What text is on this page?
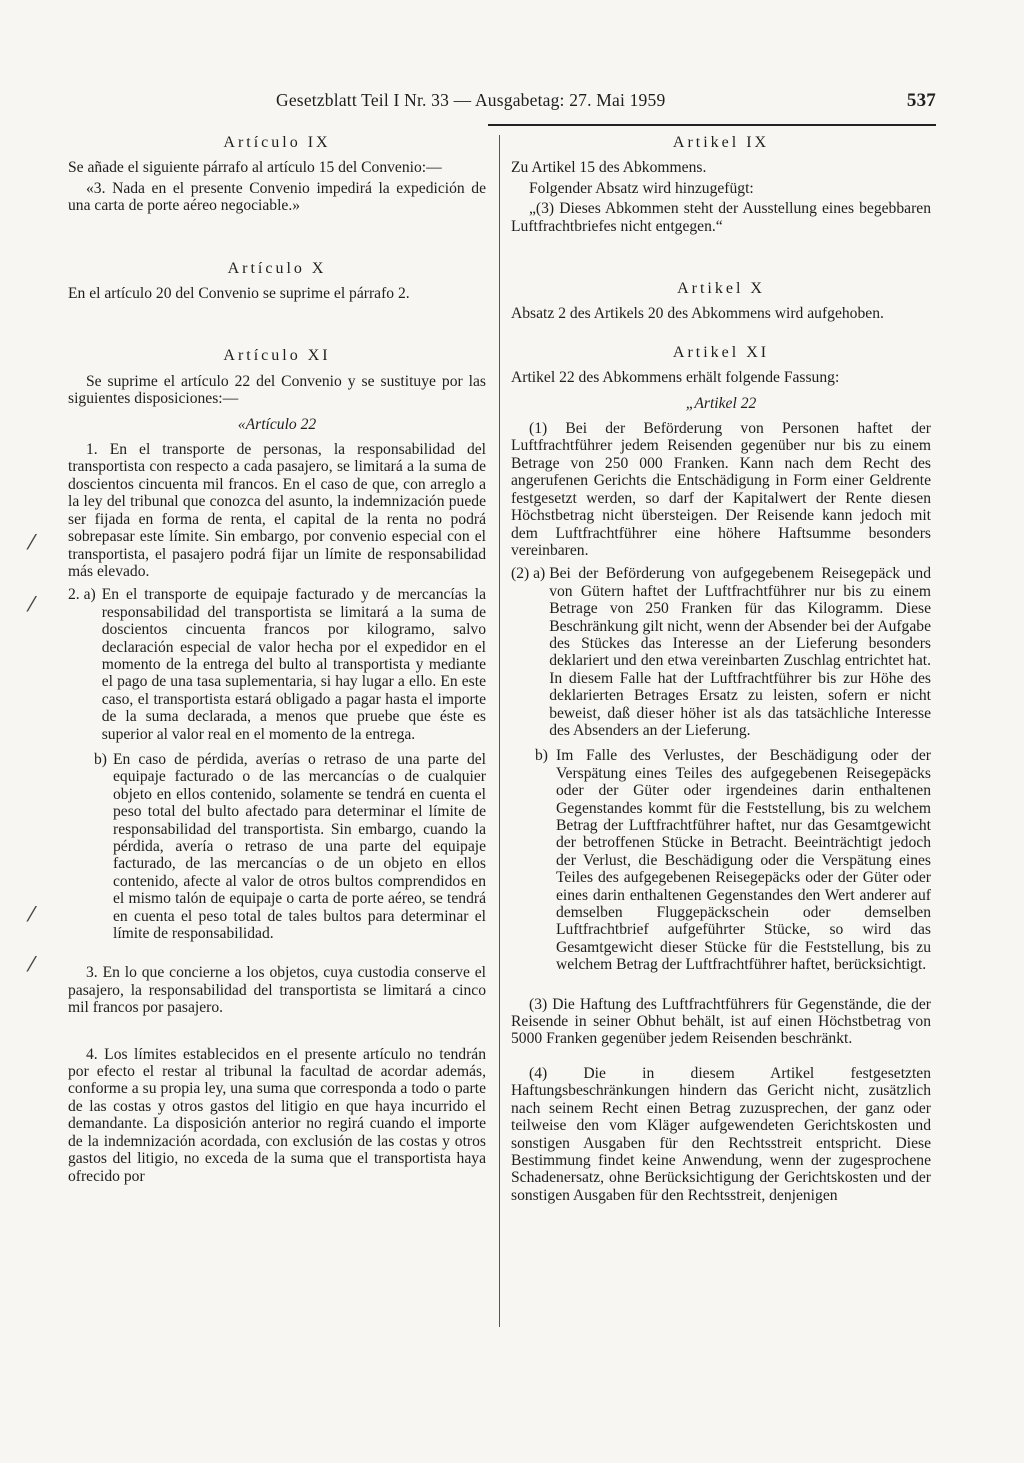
Gesetzblatt Teil I Nr. 33 — Ausgabetag: 27. Mai 1959	537
⁄
⁄
⁄
⁄
Artículo IX
Se añade el siguiente párrafo al artículo 15 del Convenio:—
«3. Nada en el presente Convenio impedirá la expedición de una carta de porte aéreo negociable.»
Artículo X
En el artículo 20 del Convenio se suprime el párrafo 2.
Artículo XI
Se suprime el artículo 22 del Convenio y se sustituye por las siguientes disposiciones:—
«Artículo 22
1. En el transporte de personas, la responsabilidad del transportista con respecto a cada pasajero, se limitará a la suma de doscientos cincuenta mil francos. En el caso de que, con arreglo a la ley del tribunal que conozca del asunto, la indemnización puede ser fijada en forma de renta, el capital de la renta no podrá sobrepasar este límite. Sin embargo, por convenio especial con el transportista, el pasajero podrá fijar un límite de responsabilidad más elevado.
2. a) En el transporte de equipaje facturado y de mercancías la responsabilidad del transportista se limitará a la suma de doscientos cincuenta francos por kilogramo, salvo declaración especial de valor hecha por el expedidor en el momento de la entrega del bulto al transportista y mediante el pago de una tasa suplementaria, si hay lugar a ello. En este caso, el transportista estará obligado a pagar hasta el importe de la suma declarada, a menos que pruebe que éste es superior al valor real en el momento de la entrega.
b) En caso de pérdida, averías o retraso de una parte del equipaje facturado o de las mercancías o de cualquier objeto en ellos contenido, solamente se tendrá en cuenta el peso total del bulto afectado para determinar el límite de responsabilidad del transportista. Sin embargo, cuando la pérdida, avería o retraso de una parte del equipaje facturado, de las mercancías o de un objeto en ellos contenido, afecte al valor de otros bultos comprendidos en el mismo talón de equipaje o carta de porte aéreo, se tendrá en cuenta el peso total de tales bultos para determinar el límite de responsabilidad.
3. En lo que concierne a los objetos, cuya custodia conserve el pasajero, la responsabilidad del transportista se limitará a cinco mil francos por pasajero.
4. Los límites establecidos en el presente artículo no tendrán por efecto el restar al tribunal la facultad de acordar además, conforme a su propia ley, una suma que corresponda a todo o parte de las costas y otros gastos del litigio en que haya incurrido el demandante. La disposición anterior no regirá cuando el importe de la indemnización acordada, con exclusión de las costas y otros gastos del litigio, no exceda de la suma que el transportista haya ofrecido por
Artikel IX
Zu Artikel 15 des Abkommens.
Folgender Absatz wird hinzugefügt:
„(3) Dieses Abkommen steht der Ausstellung eines begebbaren Luftfrachtbriefes nicht entgegen.“
Artikel X
Absatz 2 des Artikels 20 des Abkommens wird aufgehoben.
Artikel XI
Artikel 22 des Abkommens erhält folgende Fassung:
„Artikel 22
(1) Bei der Beförderung von Personen haftet der Luftfrachtführer jedem Reisenden gegenüber nur bis zu einem Betrage von 250 000 Franken. Kann nach dem Recht des angerufenen Gerichts die Entschädigung in Form einer Geldrente festgesetzt werden, so darf der Kapitalwert der Rente diesen Höchstbetrag nicht übersteigen. Der Reisende kann jedoch mit dem Luftfrachtführer eine höhere Haftsumme besonders vereinbaren.
(2) a) Bei der Beförderung von aufgegebenem Reisegepäck und von Gütern haftet der Luftfrachtführer nur bis zu einem Betrage von 250 Franken für das Kilogramm. Diese Beschränkung gilt nicht, wenn der Absender bei der Aufgabe des Stückes das Interesse an der Lieferung besonders deklariert und den etwa vereinbarten Zuschlag entrichtet hat. In diesem Falle hat der Luftfrachtführer bis zur Höhe des deklarierten Betrages Ersatz zu leisten, sofern er nicht beweist, daß dieser höher ist als das tatsächliche Interesse des Absenders an der Lieferung.
b) Im Falle des Verlustes, der Beschädigung oder der Verspätung eines Teiles des aufgegebenen Reisegepäcks oder der Güter oder irgendeines darin enthaltenen Gegenstandes kommt für die Feststellung, bis zu welchem Betrag der Luftfrachtführer haftet, nur das Gesamtgewicht der betroffenen Stücke in Betracht. Beeinträchtigt jedoch der Verlust, die Beschädigung oder die Verspätung eines Teiles des aufgegebenen Reisegepäcks oder der Güter oder eines darin enthaltenen Gegenstandes den Wert anderer auf demselben Fluggepäckschein oder demselben Luftfrachtbrief aufgeführter Stücke, so wird das Gesamtgewicht dieser Stücke für die Feststellung, bis zu welchem Betrag der Luftfrachtführer haftet, berücksichtigt.
(3) Die Haftung des Luftfrachtführers für Gegenstände, die der Reisende in seiner Obhut behält, ist auf einen Höchstbetrag von 5000 Franken gegenüber jedem Reisenden beschränkt.
(4) Die in diesem Artikel festgesetzten Haftungsbeschränkungen hindern das Gericht nicht, zusätzlich nach seinem Recht einen Betrag zuzusprechen, der ganz oder teilweise den vom Kläger aufgewendeten Gerichtskosten und sonstigen Ausgaben für den Rechtsstreit entspricht. Diese Bestimmung findet keine Anwendung, wenn der zugesprochene Schadenersatz, ohne Berücksichtigung der Gerichtskosten und der sonstigen Ausgaben für den Rechtsstreit, denjenigen
